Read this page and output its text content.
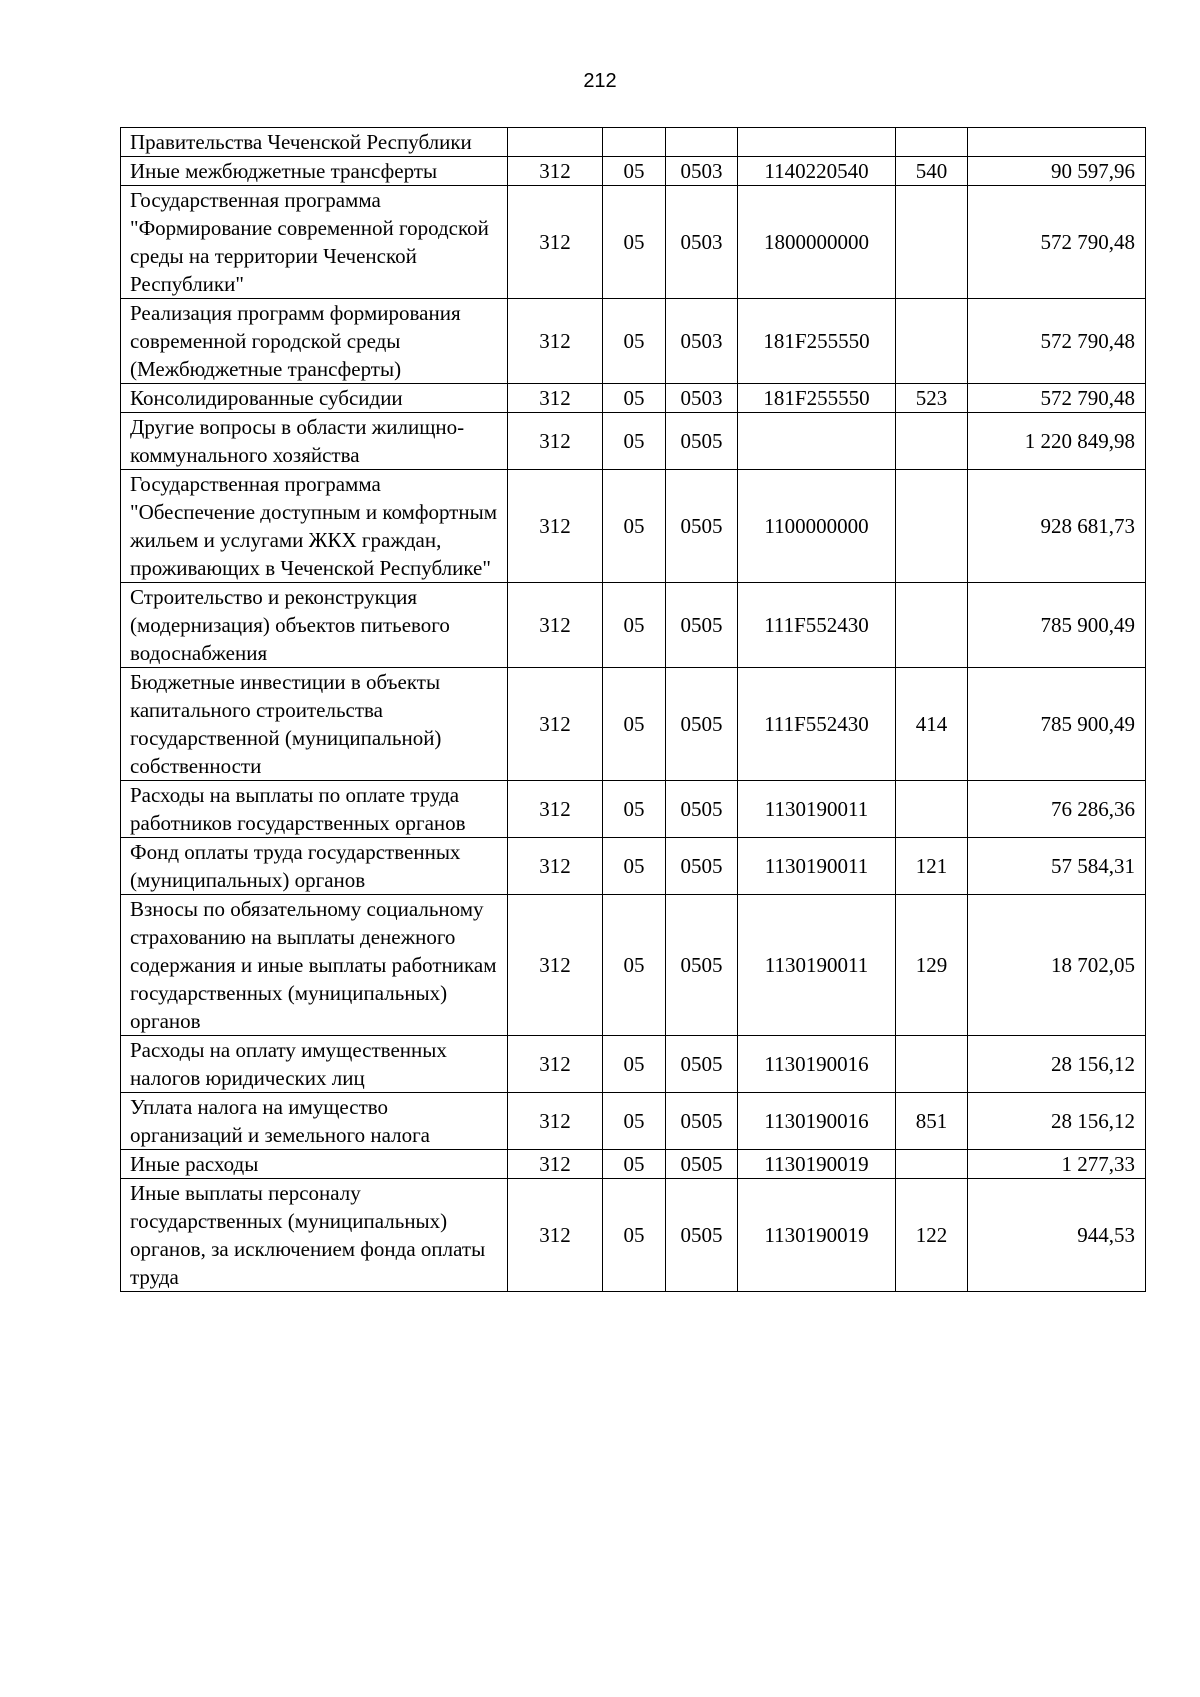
212
Правительства Чеченской Республики						
Иные межбюджетные трансферты	312	05	0503	1140220540	540	90 597,96
Государственная программа "Формирование современной городской среды на территории Чеченской Республики"	312	05	0503	1800000000		572 790,48
Реализация программ формирования современной городской среды (Межбюджетные трансферты)	312	05	0503	181F255550		572 790,48
Консолидированные субсидии	312	05	0503	181F255550	523	572 790,48
Другие вопросы в области жилищно-коммунального хозяйства	312	05	0505			1 220 849,98
Государственная программа "Обеспечение доступным и комфортным жильем и услугами ЖКХ граждан, проживающих в Чеченской Республике"	312	05	0505	1100000000		928 681,73
Строительство и реконструкция (модернизация) объектов питьевого водоснабжения	312	05	0505	111F552430		785 900,49
Бюджетные инвестиции в объекты капитального строительства государственной (муниципальной) собственности	312	05	0505	111F552430	414	785 900,49
Расходы на выплаты по оплате труда работников государственных органов	312	05	0505	1130190011		76 286,36
Фонд оплаты труда государственных (муниципальных) органов	312	05	0505	1130190011	121	57 584,31
Взносы по обязательному социальному страхованию на выплаты денежного содержания и иные выплаты работникам государственных (муниципальных) органов	312	05	0505	1130190011	129	18 702,05
Расходы на оплату имущественных налогов юридических лиц	312	05	0505	1130190016		28 156,12
Уплата налога на имущество организаций и земельного налога	312	05	0505	1130190016	851	28 156,12
Иные расходы	312	05	0505	1130190019		1 277,33
Иные выплаты персоналу государственных (муниципальных) органов, за исключением фонда оплаты труда	312	05	0505	1130190019	122	944,53
